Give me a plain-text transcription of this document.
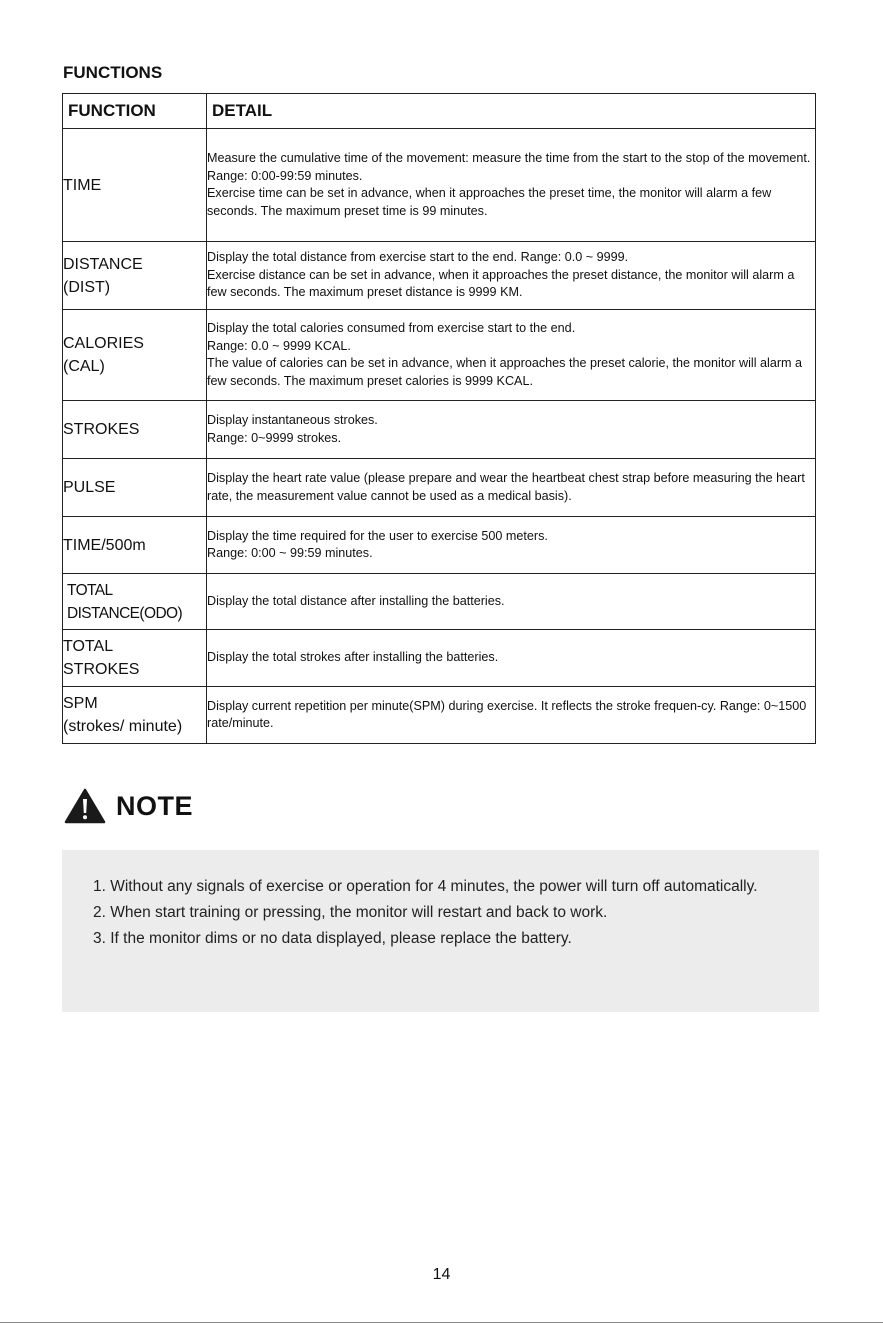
FUNCTIONS
FUNCTION	DETAIL

TIME	Measure the cumulative time of the movement: measure the time from the start to the stop of the movement.
Range: 0:00-99:59 minutes.
Exercise time can be set in advance, when it approaches the preset time, the monitor will alarm a few seconds. The maximum preset time is 99 minutes.

DISTANCE
(DIST)	Display the total distance from exercise start to the end. Range: 0.0 ~ 9999.
Exercise distance can be set in advance, when it approaches the preset distance, the monitor will alarm a few seconds. The maximum preset distance is 9999 KM.

CALORIES
(CAL)	Display the total calories consumed from exercise start to the end.
Range: 0.0 ~ 9999 KCAL.
The value of calories can be set in advance, when it approaches the preset calorie, the monitor will alarm a few seconds. The maximum preset calories is 9999 KCAL.

STROKES	Display instantaneous strokes.
Range: 0~9999 strokes.

PULSE	Display the heart rate value (please prepare and wear the heartbeat chest strap before measuring the heart rate, the measurement value cannot be used as a medical basis).

TIME/500m	Display the time required for the user to exercise 500 meters.
Range: 0:00 ~ 99:59 minutes.

TOTAL
DISTANCE(ODO)	Display the total distance after installing the batteries.

TOTAL
STROKES	Display the total strokes after installing the batteries.

SPM
(strokes/ minute)	Display current repetition per minute(SPM) during exercise. It reflects the stroke frequen-cy. Range: 0~1500 rate/minute.
NOTE
1. Without any signals of exercise or operation for 4 minutes, the power will turn off automatically.
2. When start training or pressing, the monitor will restart and back to work.
3. If the monitor dims or no data displayed, please replace the battery.
14
